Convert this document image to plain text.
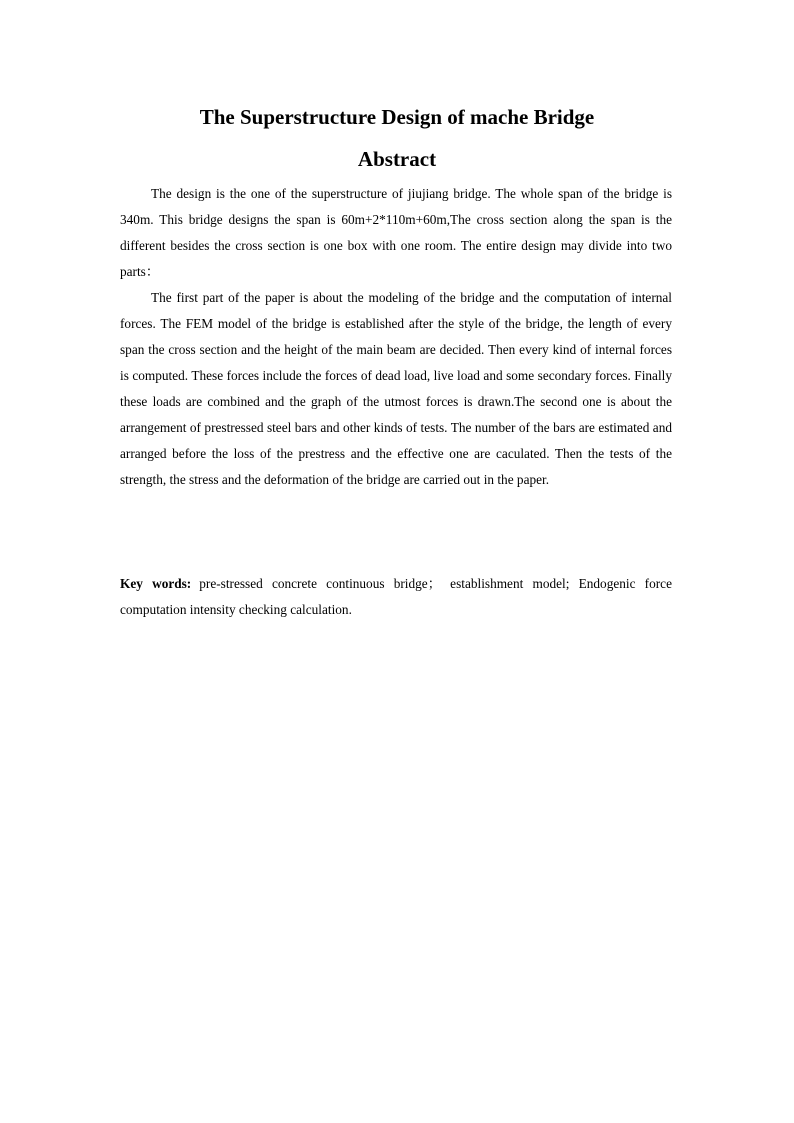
The Superstructure Design of mache Bridge
Abstract

The design is the one of the superstructure of jiujiang bridge. The whole span of the bridge is 340m. This bridge designs the span is 60m+2*110m+60m,The cross section along the span is the different besides the cross section is one box with one room. The entire design may divide into two parts：

The first part of the paper is about the modeling of the bridge and the computation of internal forces. The FEM model of the bridge is established after the style of the bridge, the length of every span the cross section and the height of the main beam are decided. Then every kind of internal forces is computed. These forces include the forces of dead load, live load and some secondary forces. Finally these loads are combined and the graph of the utmost forces is drawn.The second one is about the arrangement of prestressed steel bars and other kinds of tests. The number of the bars are estimated and arranged before the loss of the prestress and the effective one are caculated. Then the tests of the strength, the stress and the deformation of the bridge are carried out in the paper.

Key words: pre-stressed concrete continuous bridge； establishment model; Endogenic force computation intensity checking calculation.
